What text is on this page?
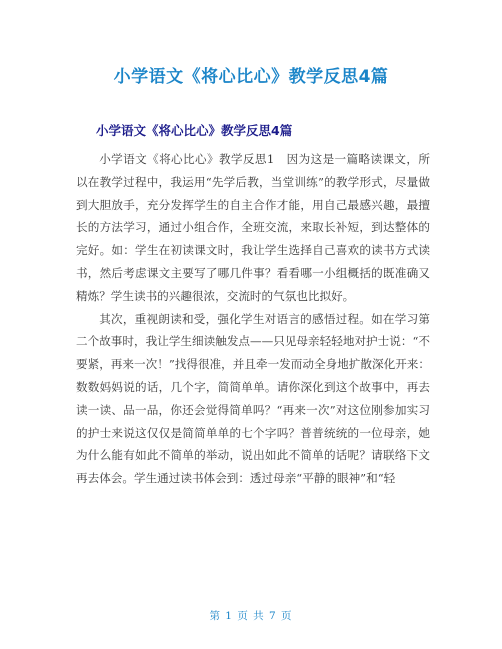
小学语文《将心比心》教学反思4篇
小学语文《将心比心》教学反思4篇

小学语文《将心比心》教学反思1　因为这是一篇略读课文，所以在教学过程中，我运用“先学后教，当堂训练”的教学形式，尽量做到大胆放手，充分发挥学生的自主合作才能，用自己最感兴趣，最擅长的方法学习，通过小组合作，全班交流，来取长补短，到达整体的完好。如：学生在初读课文时，我让学生选择自己喜欢的读书方式读书，然后考虑课文主要写了哪几件事？看看哪一小组概括的既准确又精炼？学生读书的兴趣很浓，交流时的气氛也比拟好。

其次，重视朗读和受，强化学生对语言的感悟过程。如在学习第二个故事时，我让学生细读触发点——只见母亲轻轻地对护士说：“不要紧，再来一次！”找得很准，并且牵一发而动全身地扩散深化开来：数数妈妈说的话，几个字，简简单单。请你深化到这个故事中，再去读一读、品一品，你还会觉得简单吗？“再来一次”对这位刚参加实习的护士来说这仅仅是简简单单的七个字吗？普普统统的一位母亲，她为什么能有如此不简单的举动，说出如此不简单的话呢？请联络下文再去体会。学生通过读书体会到：透过母亲“平静的眼神”和“轻

第 1 页 共 7 页
